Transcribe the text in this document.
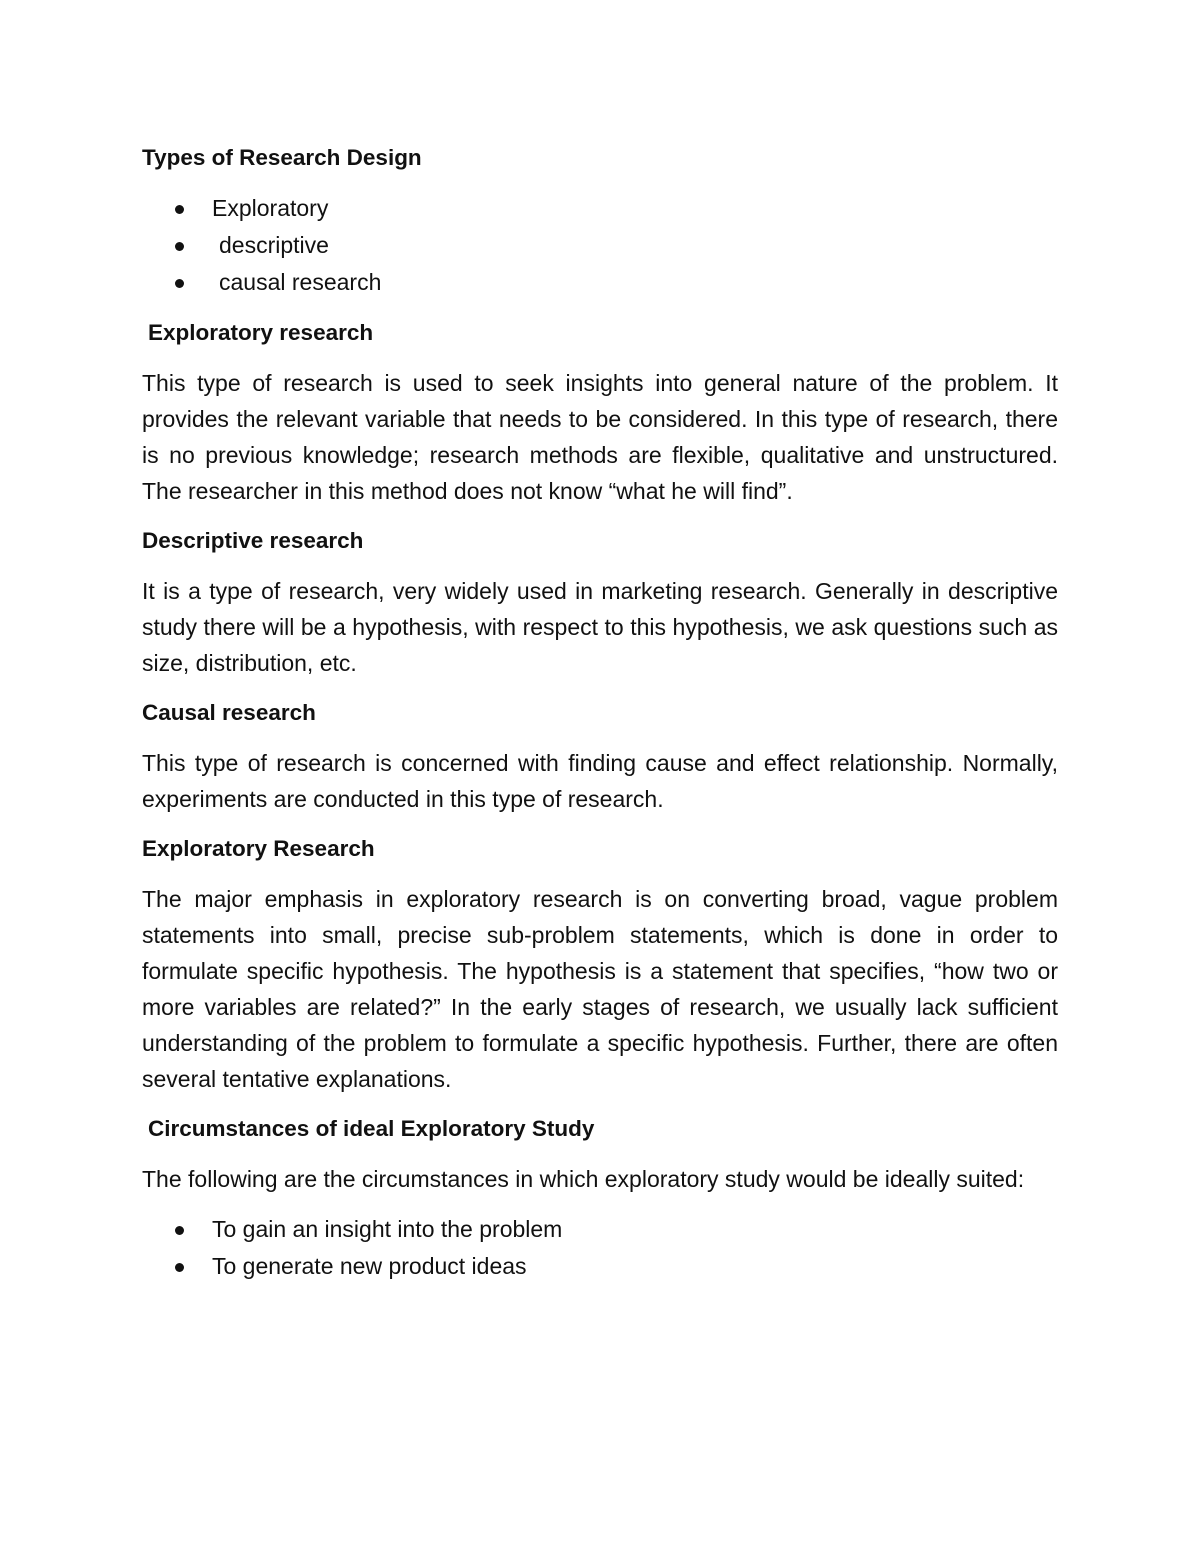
Types of Research Design
Exploratory
descriptive
causal research
Exploratory research
This type of research is used to seek insights into general nature of the problem. It provides the relevant variable that needs to be considered. In this type of research, there is no previous knowledge; research methods are flexible, qualitative and unstructured. The researcher in this method does not know “what he will find”.
Descriptive research
It is a type of research, very widely used in marketing research. Generally in descriptive study there will be a hypothesis, with respect to this hypothesis, we ask questions such as size, distribution, etc.
Causal research
This type of research is concerned with finding cause and effect relationship. Normally, experiments are conducted in this type of research.
Exploratory Research
The major emphasis in exploratory research is on converting broad, vague problem statements into small, precise sub-problem statements, which is done in order to formulate specific hypothesis. The hypothesis is a statement that specifies, “how two or more variables are related?” In the early stages of research, we usually lack sufficient understanding of the problem to formulate a specific hypothesis. Further, there are often several tentative explanations.
Circumstances of ideal Exploratory Study
The following are the circumstances in which exploratory study would be ideally suited:
To gain an insight into the problem
To generate new product ideas
